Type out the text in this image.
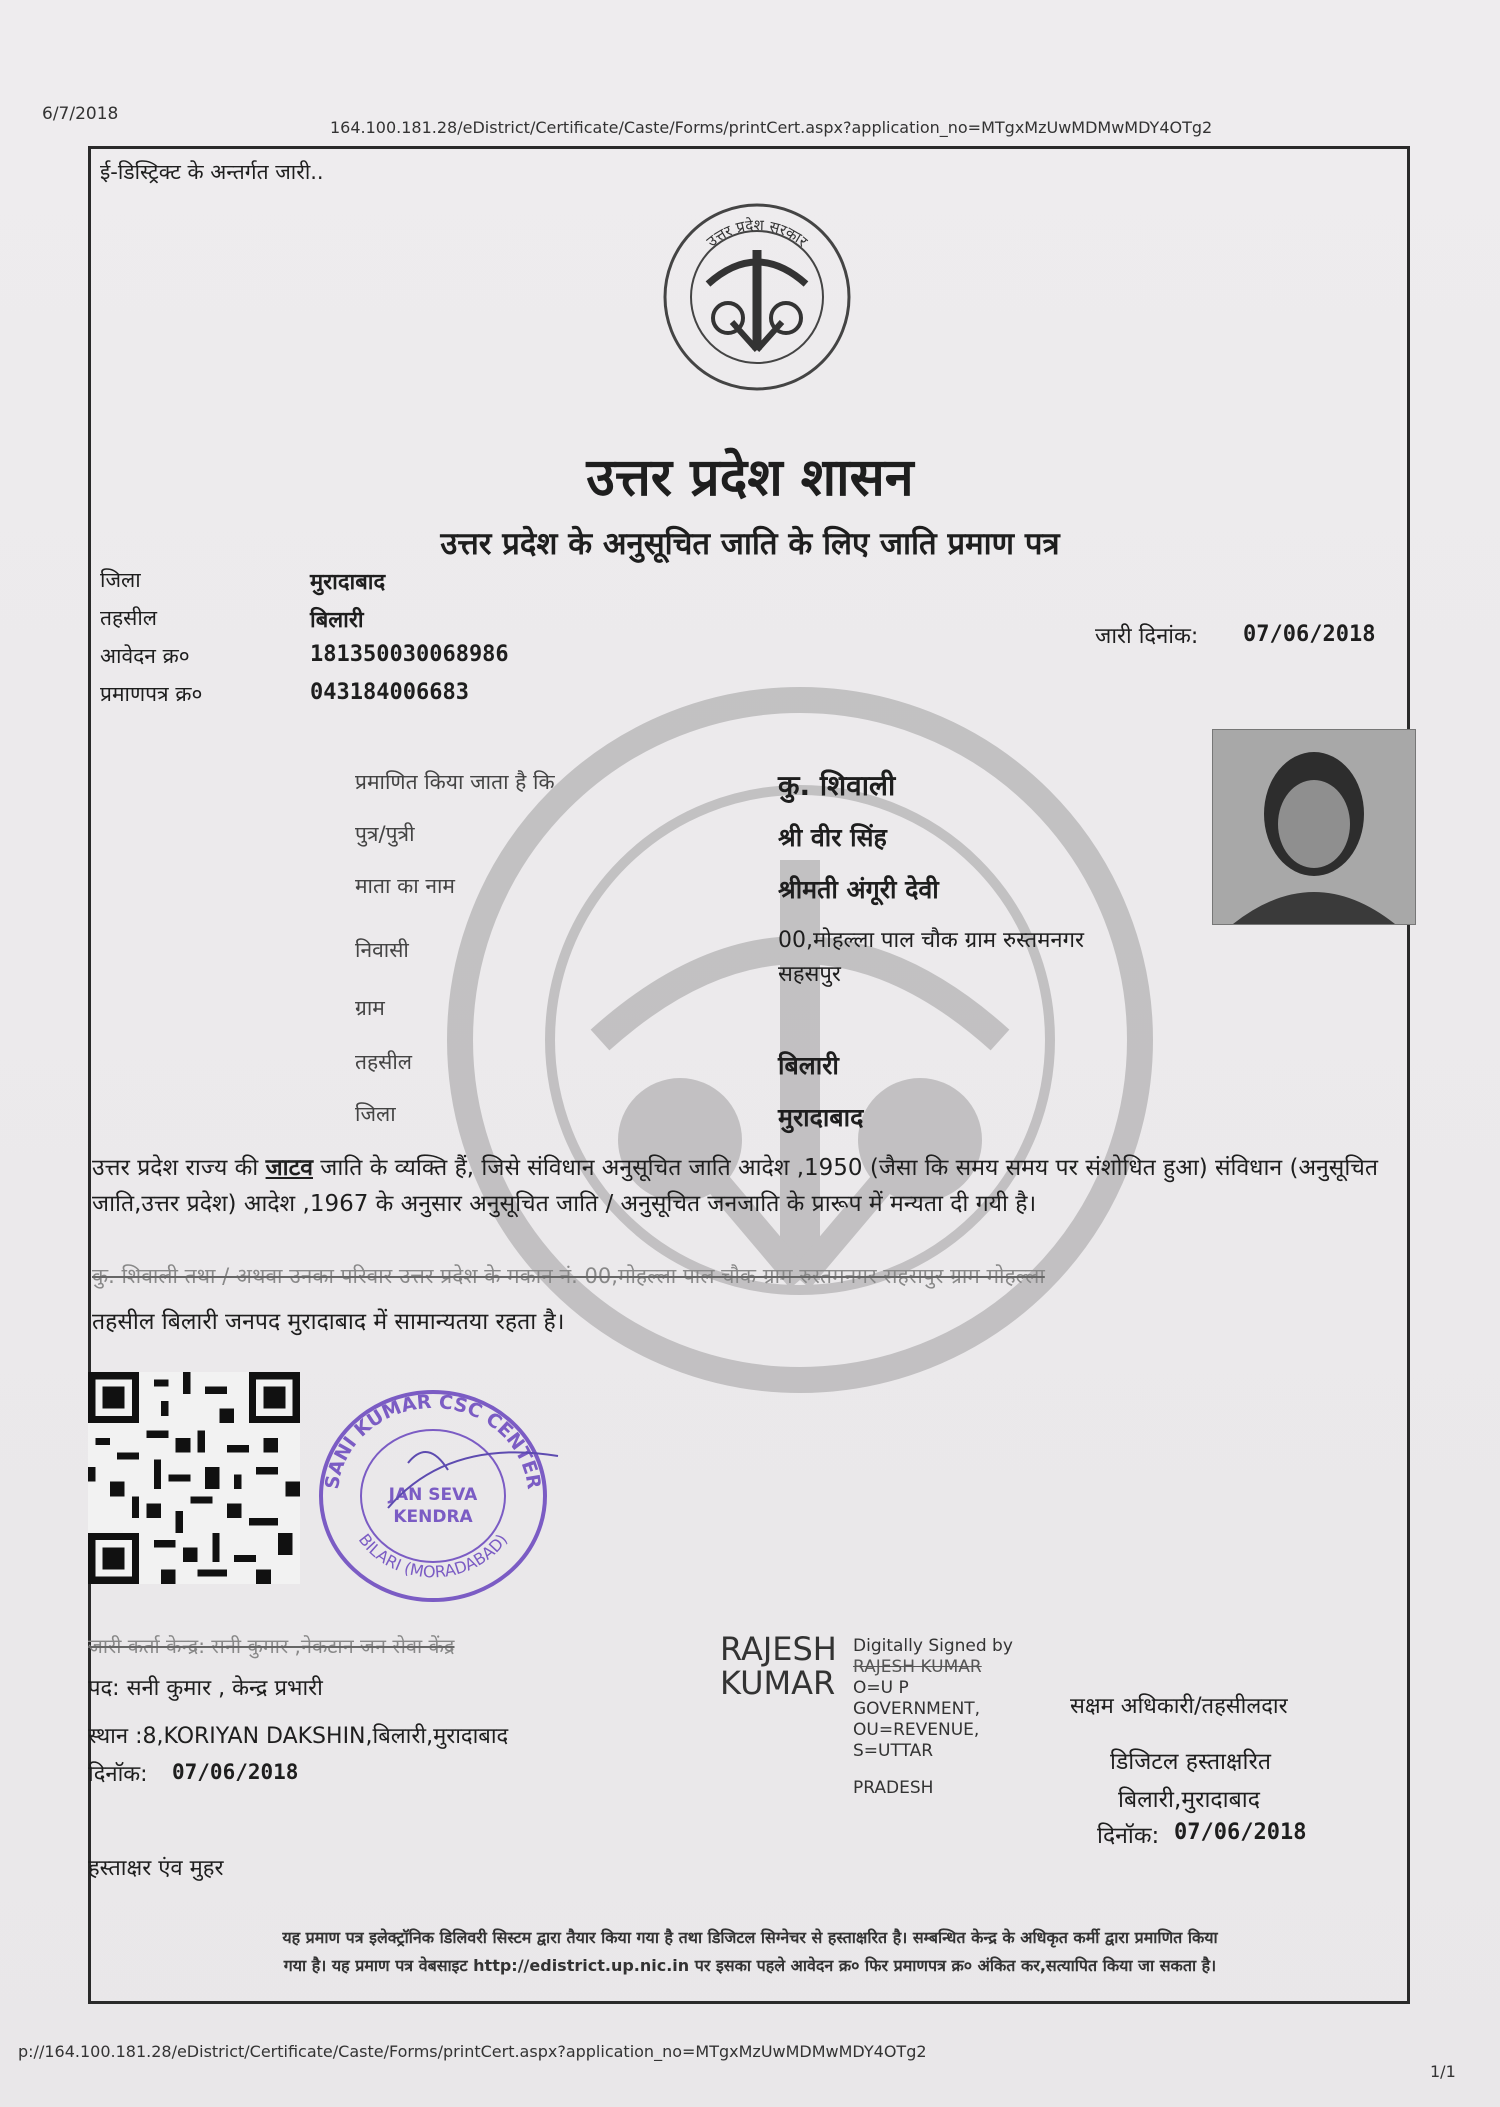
6/7/2018
164.100.181.28/eDistrict/Certificate/Caste/Forms/printCert.aspx?application_no=MTgxMzUwMDMwMDY4OTg2
p://164.100.181.28/eDistrict/Certificate/Caste/Forms/printCert.aspx?application_no=MTgxMzUwMDMwMDY4OTg2
1/1
ई-डिस्ट्रिक्ट के अन्तर्गत जारी..
उत्तर प्रदेश सरकार
उत्तर प्रदेश शासन
उत्तर प्रदेश के अनुसूचित जाति के लिए जाति प्रमाण पत्र
जिला	मुरादाबाद
तहसील	बिलारी
आवेदन क्र०	181350030068986
प्रमाणपत्र क्र०	043184006683
जारी दिनांक: 07/06/2018
प्रमाणित किया जाता है कि	कु. शिवाली
पुत्र/पुत्री	श्री वीर सिंह
माता का नाम	श्रीमती अंगूरी देवी
निवासी	00,मोहल्ला पाल चौक ग्राम रुस्तमनगर
सहसपुर
ग्राम
तहसील	बिलारी
जिला	मुरादाबाद
उत्तर प्रदेश राज्य की जाटव जाति के व्यक्ति हैं, जिसे संविधान अनुसूचित जाति आदेश ,1950 (जैसा कि समय समय पर संशोधित हुआ) संविधान (अनुसूचित जाति,उत्तर प्रदेश) आदेश ,1967 के अनुसार अनुसूचित जाति / अनुसूचित जनजाति के प्रारूप में मन्यता दी गयी है।
कु. शिवाली तथा / अथवा उनका परिवार उत्तर प्रदेश के मकान नं. 00,मोहल्ला पाल चौक ग्राम रुस्तमनगर सहसपुर ग्राम मोहल्ला
तहसील बिलारी जनपद मुरादाबाद में सामान्यतया रहता है।
SANI KUMAR CSC CENTER
BILARI (MORADABAD)
JAN SEVA
KENDRA
जारी कर्ता केन्द्र: सनी कुमार ,नेकटान जन सेवा केंद्र
पद: सनी कुमार , केन्द्र प्रभारी
स्थान :8,KORIYAN DAKSHIN,बिलारी,मुरादाबाद
दिनॉक: 07/06/2018
हस्ताक्षर एंव मुहर
RAJESH
KUMAR
Digitally Signed by
RAJESH KUMAR
O=U P
GOVERNMENT,
OU=REVENUE,
S=UTTAR
PRADESH
सक्षम अधिकारी/तहसीलदार
डिजिटल हस्ताक्षरित
बिलारी,मुरादाबाद
दिनॉक: 07/06/2018
यह प्रमाण पत्र इलेक्ट्रॉनिक डिलिवरी सिस्टम द्वारा तैयार किया गया है तथा डिजिटल सिग्नेचर से हस्ताक्षरित है। सम्बन्धित केन्द्र के अधिकृत कर्मी द्वारा प्रमाणित किया
गया है। यह प्रमाण पत्र वेबसाइट http://edistrict.up.nic.in पर इसका पहले आवेदन क्र० फिर प्रमाणपत्र क्र० अंकित कर,सत्यापित किया जा सकता है।
